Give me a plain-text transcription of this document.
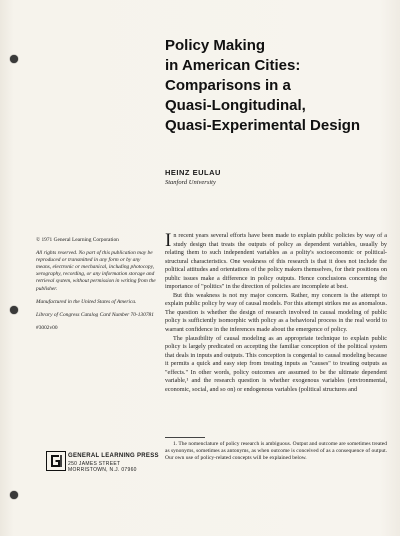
Policy Making
in American Cities:
Comparisons in a
Quasi-Longitudinal,
Quasi-Experimental Design

HEINZ EULAU

Stanford University

© 1971 General Learning Corporation

All rights reserved. No part of this publication may be reproduced or transmitted in any form or by any means, electronic or mechanical, including photocopy, xerography, recording, or any information storage and retrieval system, without permission in writing from the publisher.

Manufactured in the United States of America.

Library of Congress Catalog Card Number 70-130781

#3002v00

In recent years several efforts have been made to explain public policies by way of a study design that treats the outputs of policy as dependent variables, usually by relating them to such independent variables as a polity's socioeconomic or political-structural characteristics. One weakness of this research is that it does not include the political attitudes and orientations of the policy makers themselves, for their positions on public issues make a difference in policy outputs. Hence conclusions concerning the importance of "politics" in the direction of policies are incomplete at best.

But this weakness is not my major concern. Rather, my concern is the attempt to explain public policy by way of causal models. For this attempt strikes me as anomalous. The question is whether the design of research involved in causal modeling of public policy is sufficiently isomorphic with policy as a behavioral process in the real world to warrant confidence in the inferences made about the emergence of policy.

The plausibility of causal modeling as an appropriate technique to explain public policy is largely predicated on accepting the familiar conception of the political system that deals in inputs and outputs. This conception is congenial to causal modeling because it permits a quick and easy step from treating inputs as "causes" to treating outputs as "effects." In other words, policy outcomes are assumed to be the ultimate dependent variable,¹ and the research question is whether exogenous variables (environmental, economic, social, and so on) or endogenous variables (political structures and

1. The nomenclature of policy research is ambiguous. Output and outcome are sometimes treated as synonyms, sometimes as antonyms, as when outcome is conceived of as a consequence of output. Our own use of policy-related concepts will be explained below.

GENERAL LEARNING PRESS

250 JAMES STREET

MORRISTOWN, N.J. 07960
